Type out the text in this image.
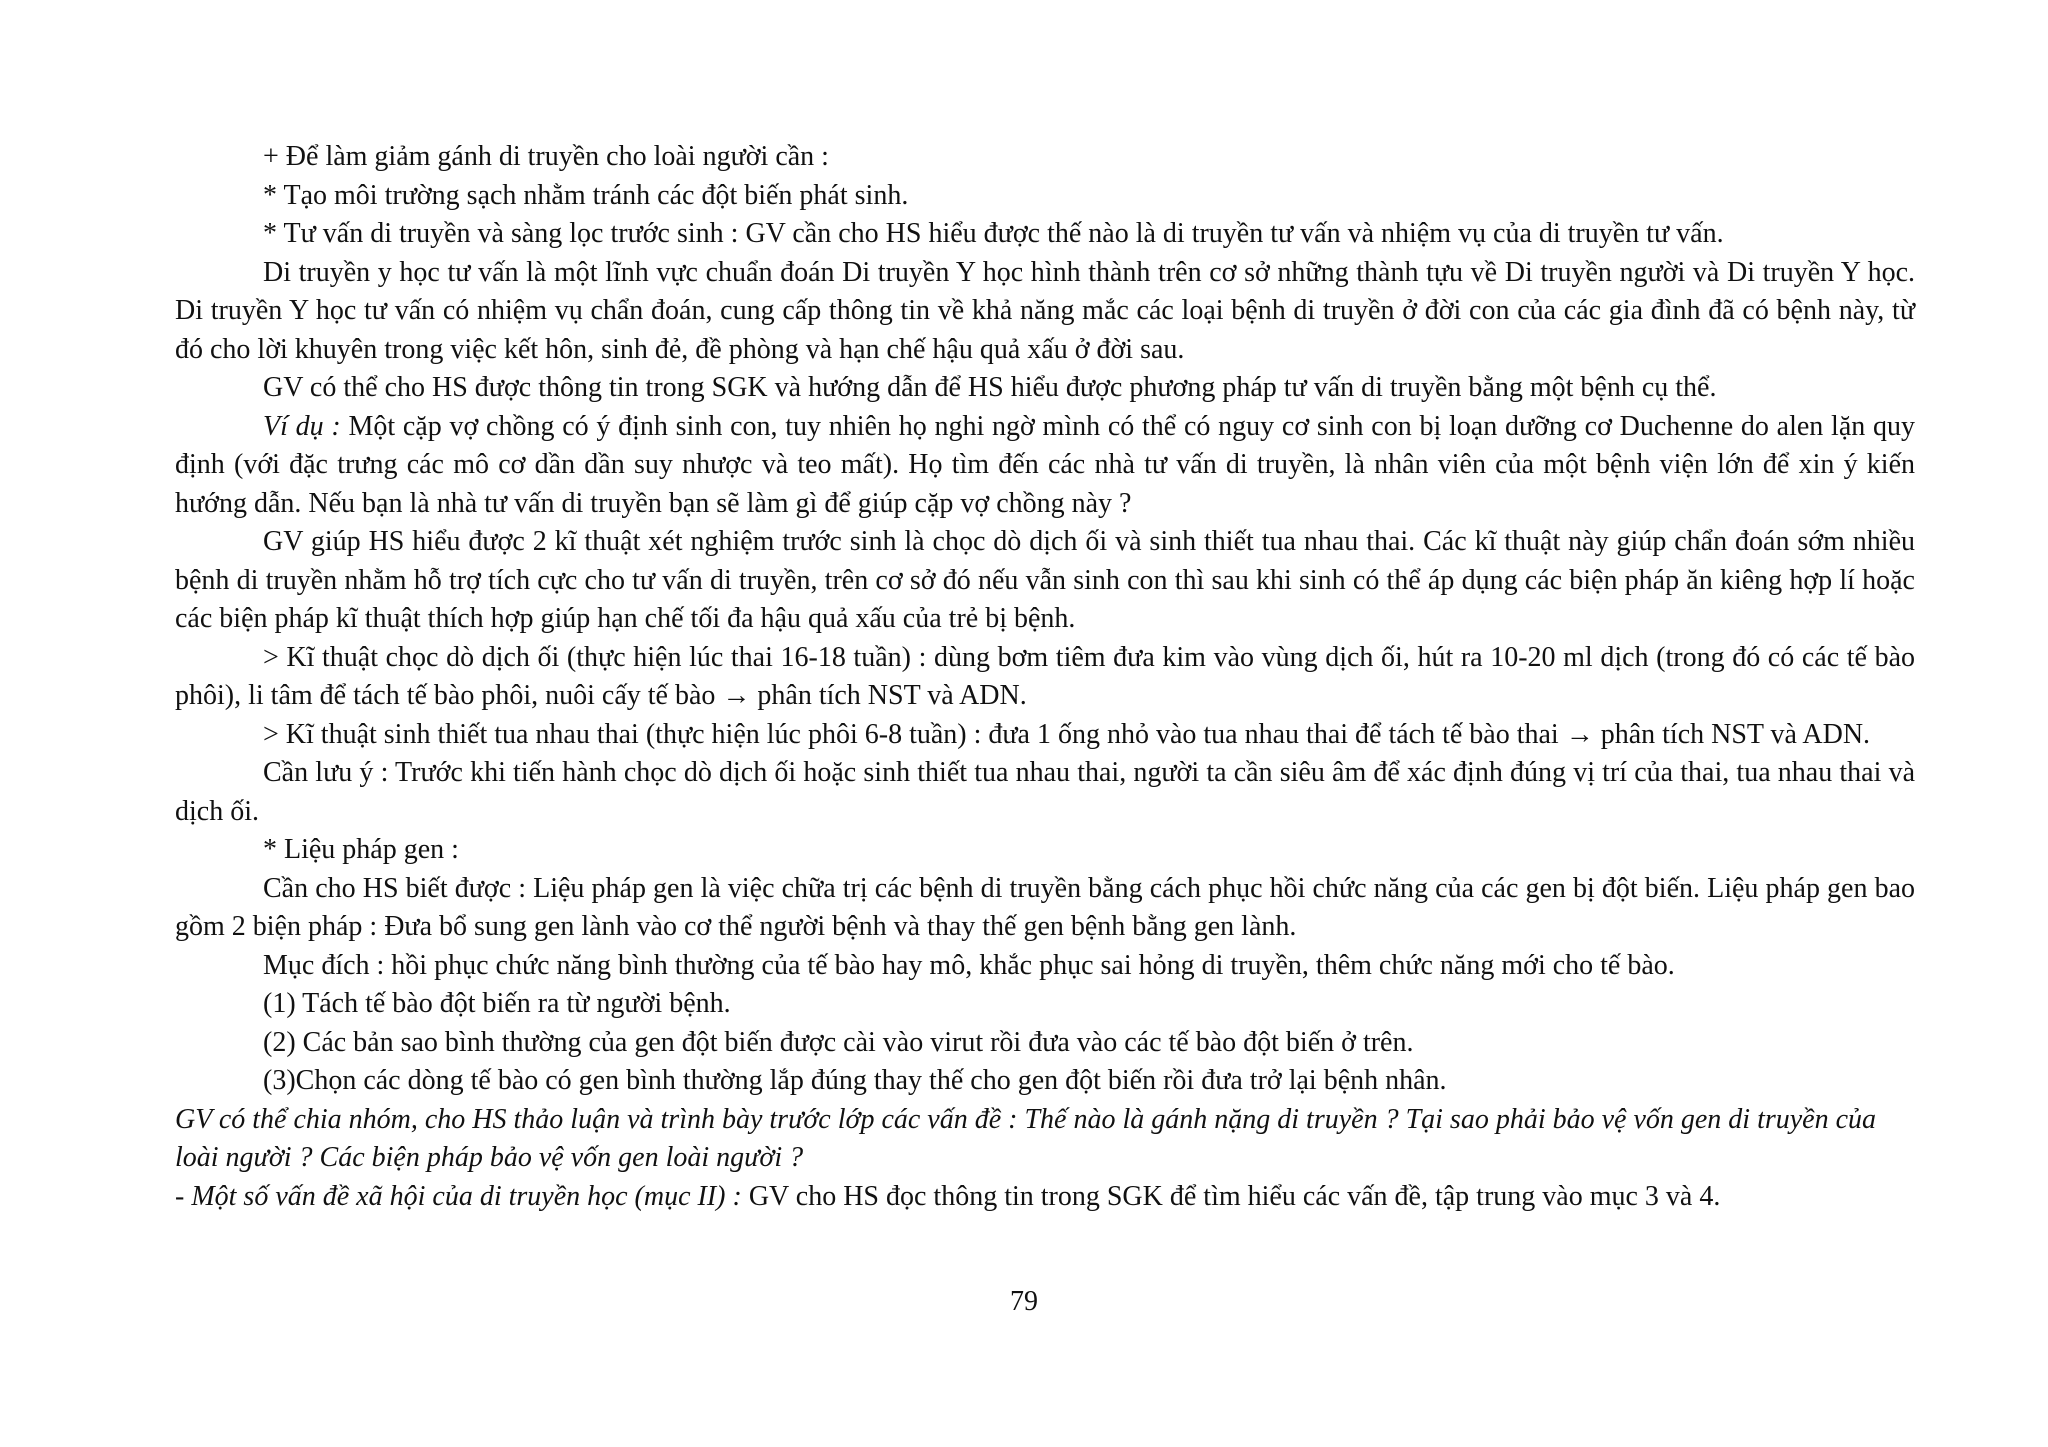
+ Để làm giảm gánh di truyền cho loài người cần :

* Tạo môi trường sạch nhằm tránh các đột biến phát sinh.

* Tư vấn di truyền và sàng lọc trước sinh : GV cần cho HS hiểu được thế nào là di truyền tư vấn và nhiệm vụ của di truyền tư vấn.

Di truyền y học tư vấn là một lĩnh vực chuẩn đoán Di truyền Y học hình thành trên cơ sở những thành tựu về Di truyền người và Di truyền Y học. Di truyền Y học tư vấn có nhiệm vụ chẩn đoán, cung cấp thông tin về khả năng mắc các loại bệnh di truyền ở đời con của các gia đình đã có bệnh này, từ đó cho lời khuyên trong việc kết hôn, sinh đẻ, đề phòng và hạn chế hậu quả xấu ở đời sau.

GV có thể cho HS được thông tin trong SGK và hướng dẫn để HS hiểu được phương pháp tư vấn di truyền bằng một bệnh cụ thể.

Ví dụ : Một cặp vợ chồng có ý định sinh con, tuy nhiên họ nghi ngờ mình có thể có nguy cơ sinh con bị loạn dưỡng cơ Duchenne do alen lặn quy định (với đặc trưng các mô cơ dần dần suy nhược và teo mất). Họ tìm đến các nhà tư vấn di truyền, là nhân viên của một bệnh viện lớn để xin ý kiến hướng dẫn. Nếu bạn là nhà tư vấn di truyền bạn sẽ làm gì để giúp cặp vợ chồng này ?

GV giúp HS hiểu được 2 kĩ thuật xét nghiệm trước sinh là chọc dò dịch ối và sinh thiết tua nhau thai. Các kĩ thuật này giúp chẩn đoán sớm nhiều bệnh di truyền nhằm hỗ trợ tích cực cho tư vấn di truyền, trên cơ sở đó nếu vẫn sinh con thì sau khi sinh có thể áp dụng các biện pháp ăn kiêng hợp lí hoặc các biện pháp kĩ thuật thích hợp giúp hạn chế tối đa hậu quả xấu của trẻ bị bệnh.

> Kĩ thuật chọc dò dịch ối (thực hiện lúc thai 16-18 tuần) : dùng bơm tiêm đưa kim vào vùng dịch ối, hút ra 10-20 ml dịch (trong đó có các tế bào phôi), li tâm để tách tế bào phôi, nuôi cấy tế bào → phân tích NST và ADN.

> Kĩ thuật sinh thiết tua nhau thai (thực hiện lúc phôi 6-8 tuần) : đưa 1 ống nhỏ vào tua nhau thai để tách tế bào thai → phân tích NST và ADN.

Cần lưu ý : Trước khi tiến hành chọc dò dịch ối hoặc sinh thiết tua nhau thai, người ta cần siêu âm để xác định đúng vị trí của thai, tua nhau thai và dịch ối.

* Liệu pháp gen :

Cần cho HS biết được : Liệu pháp gen là việc chữa trị các bệnh di truyền bằng cách phục hồi chức năng của các gen bị đột biến. Liệu pháp gen bao gồm 2 biện pháp : Đưa bổ sung gen lành vào cơ thể người bệnh và thay thế gen bệnh bằng gen lành.

Mục đích : hồi phục chức năng bình thường của tế bào hay mô, khắc phục sai hỏng di truyền, thêm chức năng mới cho tế bào.

(1) Tách tế bào đột biến ra từ người bệnh.

(2) Các bản sao bình thường của gen đột biến được cài vào virut rồi đưa vào các tế bào đột biến ở trên.

(3)Chọn các dòng tế bào có gen bình thường lắp đúng thay thế cho gen đột biến rồi đưa trở lại bệnh nhân.

GV có thể chia nhóm, cho HS thảo luận và trình bày trước lớp các vấn đề : Thế nào là gánh nặng di truyền ? Tại sao phải bảo vệ vốn gen di truyền của loài người ? Các biện pháp bảo vệ vốn gen loài người ?

- Một số vấn đề xã hội của di truyền học (mục II) : GV cho HS đọc thông tin trong SGK để tìm hiểu các vấn đề, tập trung vào mục 3 và 4.

79
